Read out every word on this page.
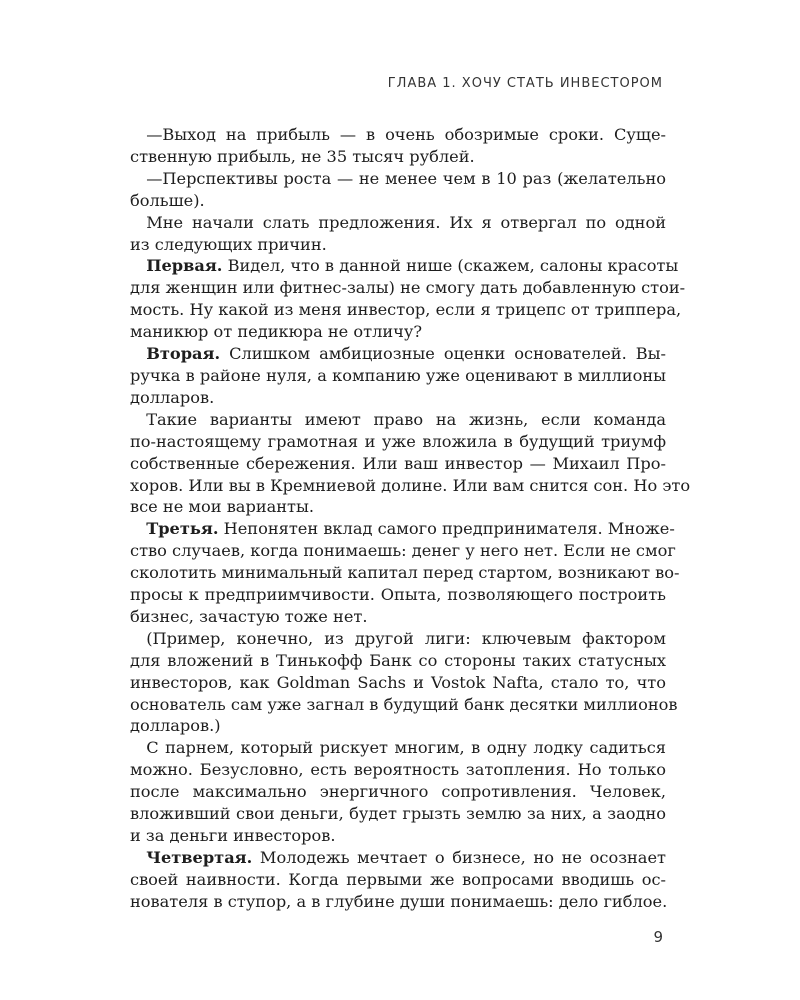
ГЛАВА 1. ХОЧУ СТАТЬ ИНВЕСТОРОМ
 —Выход на прибыль — в очень обозримые сроки. Суще-
ственную прибыль, не 35 тысяч рублей.
 —Перспективы роста — не менее чем в 10 раз (желательно
больше).
 Мне начали слать предложения. Их я отвергал по одной
из следующих причин.
 Первая. Видел, что в данной нише (скажем, салоны красоты
для женщин или фитнес-залы) не смогу дать добавленную стои-
мость. Ну какой из меня инвестор, если я трицепс от триппера,
маникюр от педикюра не отличу?
 Вторая. Слишком амбициозные оценки основателей. Вы-
ручка в районе нуля, а компанию уже оценивают в миллионы
долларов.
 Такие варианты имеют право на жизнь, если команда
по-настоящему грамотная и уже вложила в будущий триумф
собственные сбережения. Или ваш инвестор — Михаил Про-
хоров. Или вы в Кремниевой долине. Или вам снится сон. Но это
все не мои варианты.
 Третья. Непонятен вклад самого предпринимателя. Множе-
ство случаев, когда понимаешь: денег у него нет. Если не смог
сколотить минимальный капитал перед стартом, возникают во-
просы к предприимчивости. Опыта, позволяющего построить
бизнес, зачастую тоже нет.
 (Пример, конечно, из другой лиги: ключевым фактором
для вложений в Тинькофф Банк со стороны таких статусных
инвесторов, как Goldman Sachs и Vostok Nafta, стало то, что
основатель сам уже загнал в будущий банк десятки миллионов
долларов.)
 С парнем, который рискует многим, в одну лодку садиться
можно. Безусловно, есть вероятность затопления. Но только
после максимально энергичного сопротивления. Человек,
вложивший свои деньги, будет грызть землю за них, а заодно
и за деньги инвесторов.
 Четвертая. Молодежь мечтает о бизнесе, но не осознает
своей наивности. Когда первыми же вопросами вводишь ос-
нователя в ступор, а в глубине души понимаешь: дело гиблое.
9
